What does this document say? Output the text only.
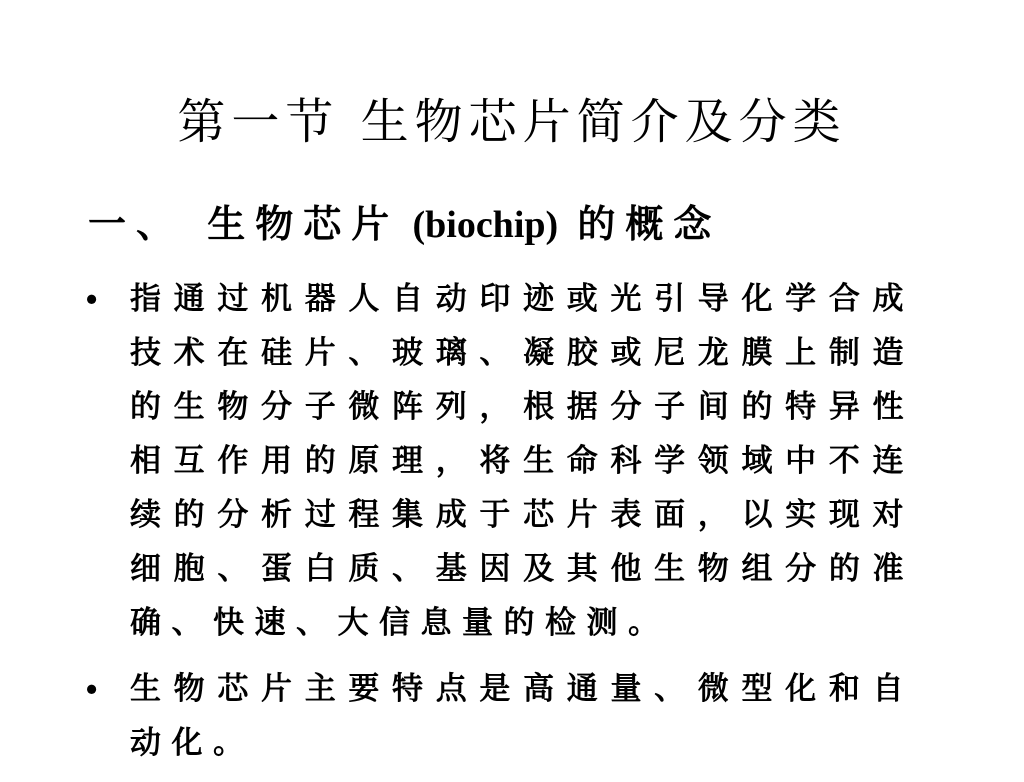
第一节 生物芯片简介及分类
一、 生物芯片 (biochip) 的概念
• 指通过机器人自动印迹或光引导化学合成技术在硅片、玻璃、凝胶或尼龙膜上制造的生物分子微阵列，根据分子间的特异性相互作用的原理，将生命科学领域中不连续的分析过程集成于芯片表面，以实现对细胞、蛋白质、基因及其他生物组分的准确、快速、大信息量的检测。

• 生物芯片主要特点是高通量、微型化和自动化。
